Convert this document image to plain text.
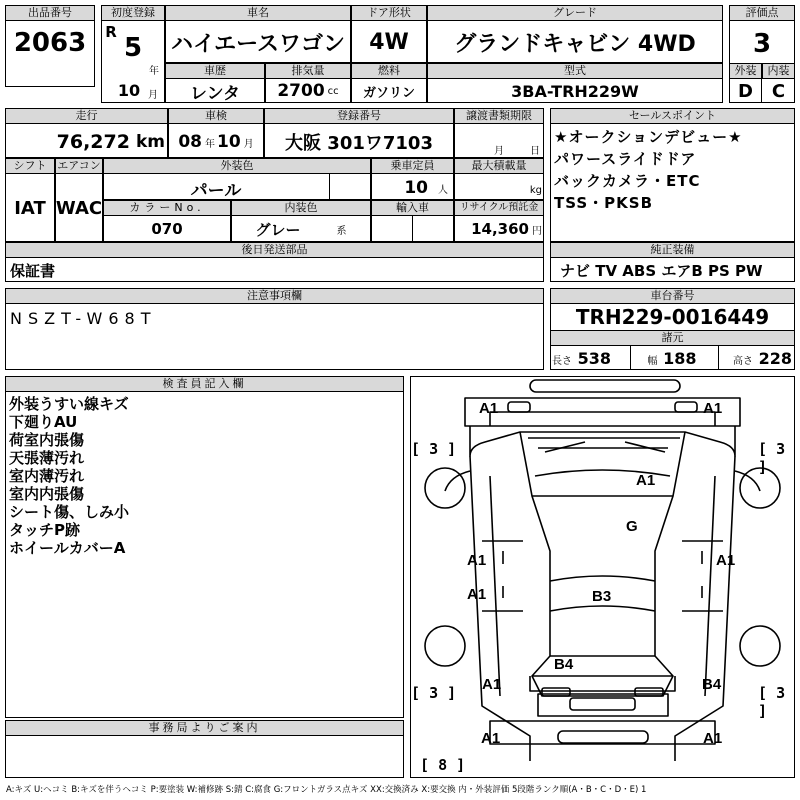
出品番号
2063
初度登録
R
5
年
10 月
車名
ハイエースワゴン
ドア形状
4W
グレード
グランドキャビン 4WD
評価点
3
外装	内装
D	C
車歴
レンタ
排気量
2700 cc
燃料
ガソリン
型式
3BA-TRH229W
走行
76,272 km
車検
08 年 10 月
登録番号
大阪 301ワ7103
譲渡書類期限
月	日
セールスポイント
★オークションデビュー★
パワースライドドア
バックカメラ・ETC
TSS・PKSB
シフト
IAT
エアコン
WAC
外装色
パール
乗車定員
10 人
最大積載量
kg
カラーNo.
070
内装色
グレー	系
輸入車	リサイクル預託金
14,360 円
後日発送部品
保証書
純正装備
ナビ TV ABS エアB PS PW
注意事項欄
NSZT-W68T
車台番号
TRH229-0016449
諸元
長さ 538	幅 188	高さ 228
検査員記入欄
外装うすい線キズ
下廻りAU
荷室内張傷
天張薄汚れ
室内薄汚れ
室内内張傷
シート傷、しみ小
タッチP跡
ホイールカバーA
事務局よりご案内
A1	A1
A1
G
A1	A1
A1	B3
B4
B4
A1
A1	A1
[ 3 ]	[ 3 ]
[ 3 ]	[ 3 ]
[ 8 ]
A:キズ U:ヘコミ B:キズを伴うヘコミ P:要塗装 W:補修跡 S:錆 C:腐食 G:フロントガラス点キズ XX:交換済み X:要交換 内・外装評価 5段階ランク順(A・B・C・D・E) 1
